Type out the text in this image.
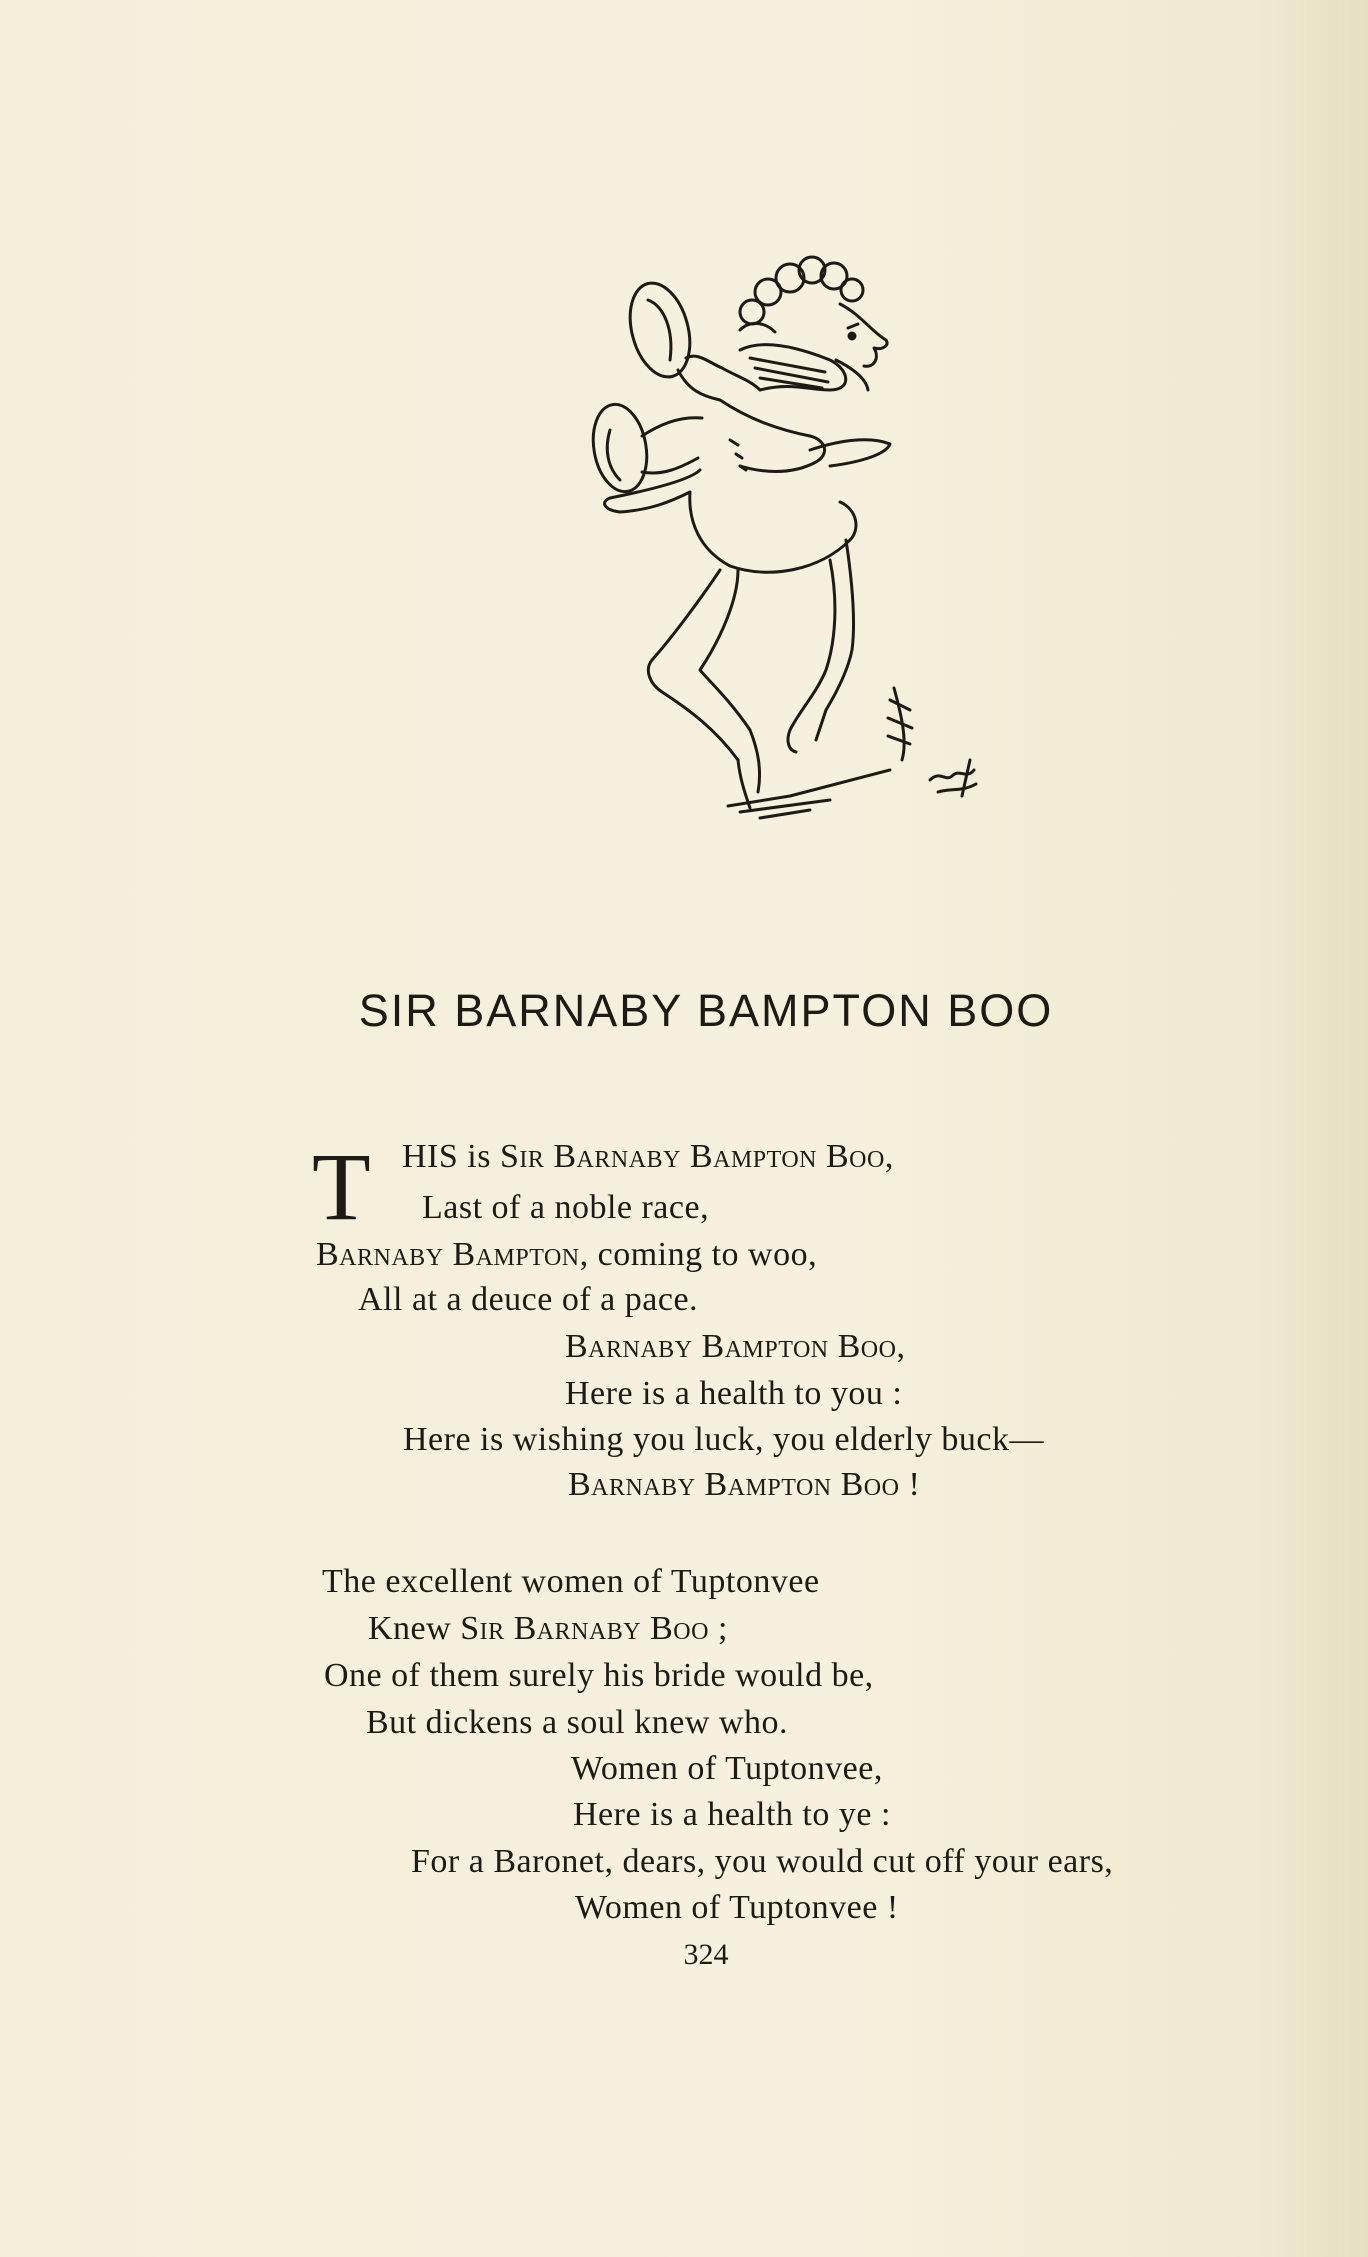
SIR BARNABY BAMPTON BOO
T HIS is Sir Barnaby Bampton Boo,
Last of a noble race,
Barnaby Bampton, coming to woo,
All at a deuce of a pace.
Barnaby Bampton Boo,
Here is a health to you :
Here is wishing you luck, you elderly buck—
Barnaby Bampton Boo !
The excellent women of Tuptonvee
Knew Sir Barnaby Boo ;
One of them surely his bride would be,
But dickens a soul knew who.
Women of Tuptonvee,
Here is a health to ye :
For a Baronet, dears, you would cut off your ears,
Women of Tuptonvee !
324
